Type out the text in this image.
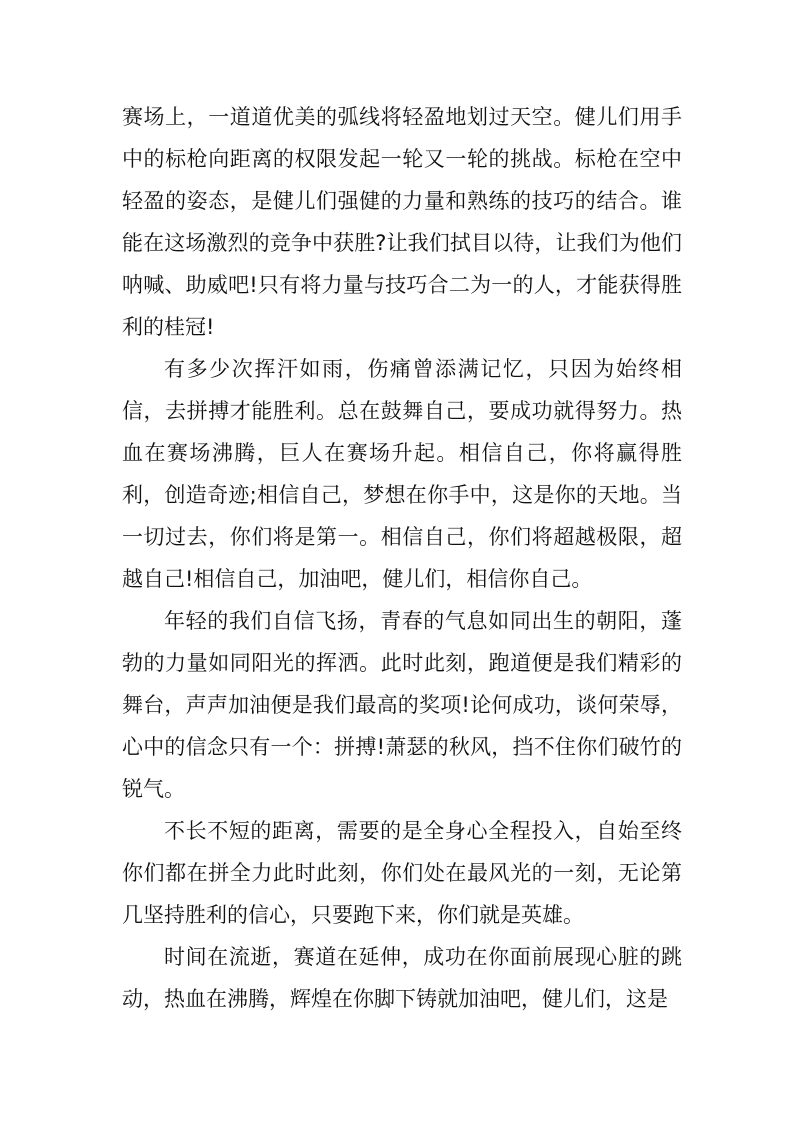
赛场上，一道道优美的弧线将轻盈地划过天空。健儿们用手中的标枪向距离的权限发起一轮又一轮的挑战。标枪在空中轻盈的姿态，是健儿们强健的力量和熟练的技巧的结合。谁能在这场激烈的竞争中获胜?让我们拭目以待，让我们为他们呐喊、助威吧!只有将力量与技巧合二为一的人，才能获得胜利的桂冠!

有多少次挥汗如雨，伤痛曾添满记忆，只因为始终相信，去拼搏才能胜利。总在鼓舞自己，要成功就得努力。热血在赛场沸腾，巨人在赛场升起。相信自己，你将赢得胜利，创造奇迹;相信自己，梦想在你手中，这是你的天地。当一切过去，你们将是第一。相信自己，你们将超越极限，超越自己!相信自己，加油吧，健儿们，相信你自己。

年轻的我们自信飞扬，青春的气息如同出生的朝阳，蓬勃的力量如同阳光的挥洒。此时此刻，跑道便是我们精彩的舞台，声声加油便是我们最高的奖项!论何成功，谈何荣辱，心中的信念只有一个：拼搏!萧瑟的秋风，挡不住你们破竹的锐气。

不长不短的距离，需要的是全身心全程投入，自始至终你们都在拼全力此时此刻，你们处在最风光的一刻，无论第几坚持胜利的信心，只要跑下来，你们就是英雄。

时间在流逝，赛道在延伸，成功在你面前展现心脏的跳动，热血在沸腾，辉煌在你脚下铸就加油吧，健儿们，这是
